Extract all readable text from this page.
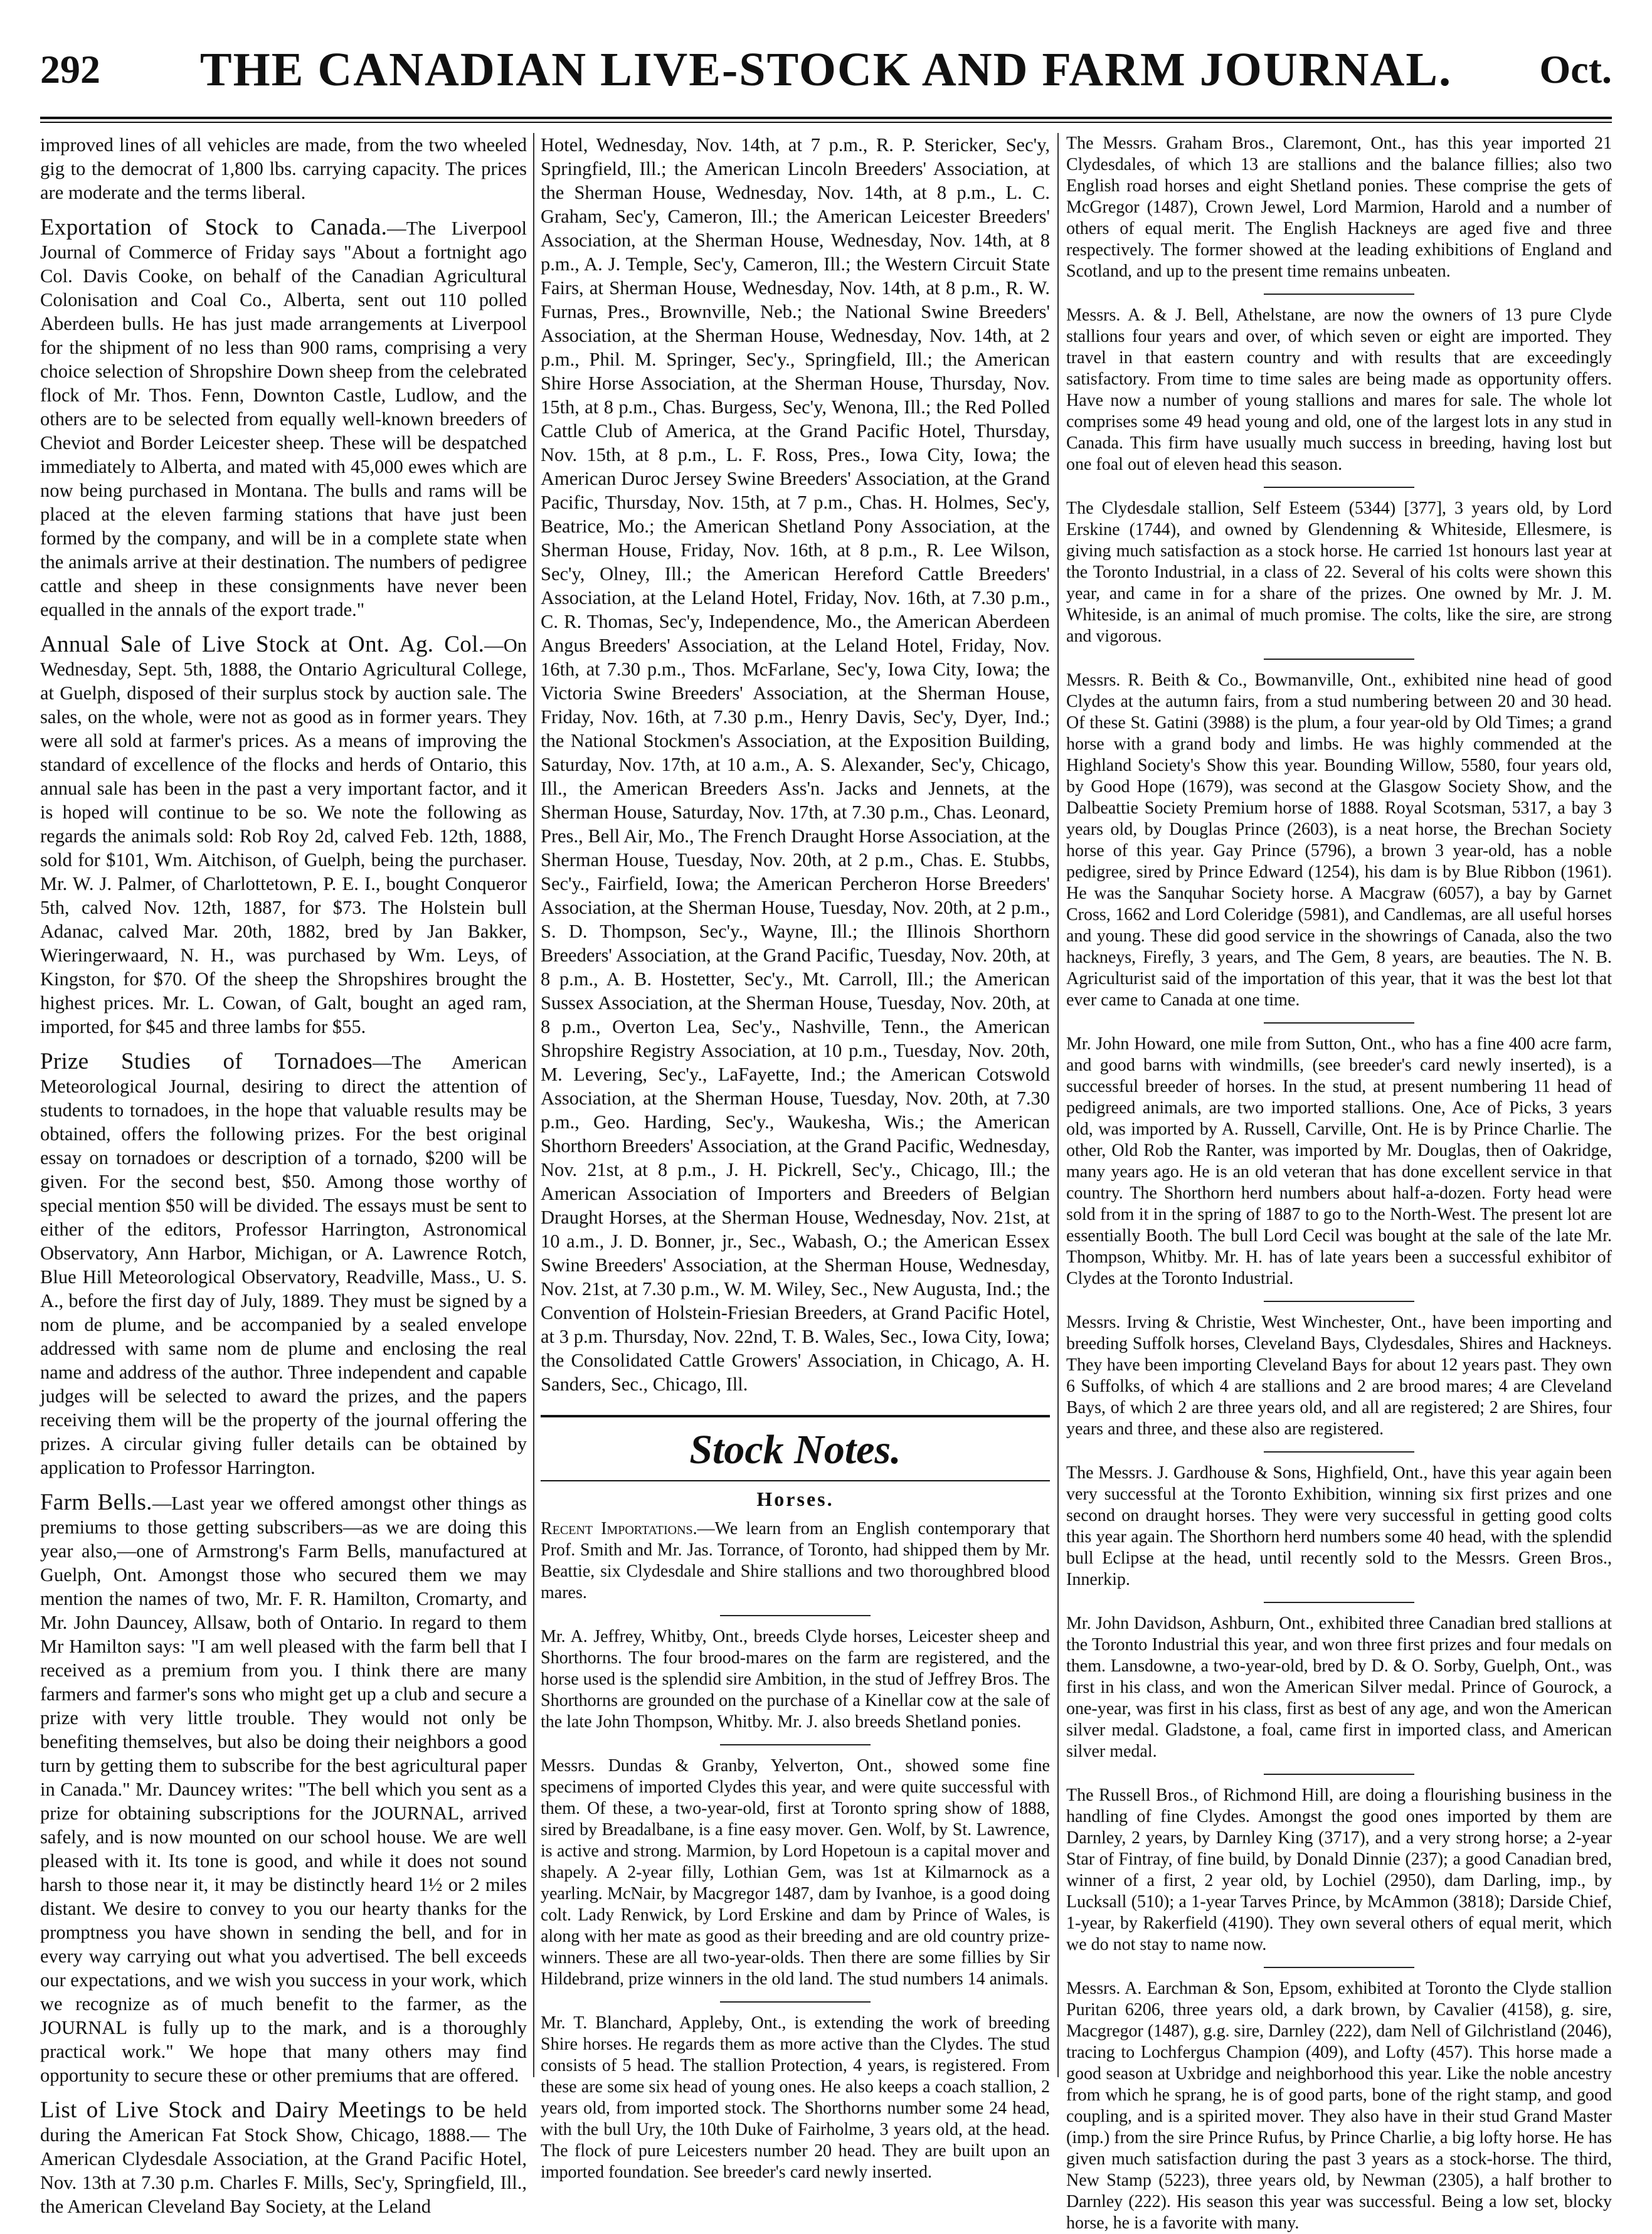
292	THE CANADIAN LIVE-STOCK AND FARM JOURNAL.	Oct.

improved lines of all vehicles are made, from the two wheeled gig to the democrat of 1,800 lbs. carrying capacity. The prices are moderate and the terms liberal.

Exportation of Stock to Canada.—The Liverpool Journal of Commerce of Friday says "About a fortnight ago Col. Davis Cooke, on behalf of the Canadian Agricultural Colonisation and Coal Co., Alberta, sent out 110 polled Aberdeen bulls. He has just made arrangements at Liverpool for the shipment of no less than 900 rams, comprising a very choice selection of Shropshire Down sheep from the celebrated flock of Mr. Thos. Fenn, Downton Castle, Ludlow, and the others are to be selected from equally well-known breeders of Cheviot and Border Leicester sheep. These will be despatched immediately to Alberta, and mated with 45,000 ewes which are now being purchased in Montana. The bulls and rams will be placed at the eleven farming stations that have just been formed by the company, and will be in a complete state when the animals arrive at their destination. The numbers of pedigree cattle and sheep in these consignments have never been equalled in the annals of the export trade."

Annual Sale of Live Stock at Ont. Ag. Col.—On Wednesday, Sept. 5th, 1888, the Ontario Agricultural College, at Guelph, disposed of their surplus stock by auction sale. The sales, on the whole, were not as good as in former years. They were all sold at farmer's prices. As a means of improving the standard of excellence of the flocks and herds of Ontario, this annual sale has been in the past a very important factor, and it is hoped will continue to be so. We note the following as regards the animals sold: Rob Roy 2d, calved Feb. 12th, 1888, sold for $101, Wm. Aitchison, of Guelph, being the purchaser. Mr. W. J. Palmer, of Charlottetown, P. E. I., bought Conqueror 5th, calved Nov. 12th, 1887, for $73. The Holstein bull Adanac, calved Mar. 20th, 1882, bred by Jan Bakker, Wieringerwaard, N. H., was purchased by Wm. Leys, of Kingston, for $70. Of the sheep the Shropshires brought the highest prices. Mr. L. Cowan, of Galt, bought an aged ram, imported, for $45 and three lambs for $55.

Prize Studies of Tornadoes—The American Meteorological Journal, desiring to direct the attention of students to tornadoes, in the hope that valuable results may be obtained, offers the following prizes. For the best original essay on tornadoes or description of a tornado, $200 will be given. For the second best, $50. Among those worthy of special mention $50 will be divided. The essays must be sent to either of the editors, Professor Harrington, Astronomical Observatory, Ann Harbor, Michigan, or A. Lawrence Rotch, Blue Hill Meteorological Observatory, Readville, Mass., U. S. A., before the first day of July, 1889. They must be signed by a nom de plume, and be accompanied by a sealed envelope addressed with same nom de plume and enclosing the real name and address of the author. Three independent and capable judges will be selected to award the prizes, and the papers receiving them will be the property of the journal offering the prizes. A circular giving fuller details can be obtained by application to Professor Harrington.

Farm Bells.—Last year we offered amongst other things as premiums to those getting subscribers—as we are doing this year also,—one of Armstrong's Farm Bells, manufactured at Guelph, Ont. Amongst those who secured them we may mention the names of two, Mr. F. R. Hamilton, Cromarty, and Mr. John Dauncey, Allsaw, both of Ontario. In regard to them Mr Hamilton says: "I am well pleased with the farm bell that I received as a premium from you. I think there are many farmers and farmer's sons who might get up a club and secure a prize with very little trouble. They would not only be benefiting themselves, but also be doing their neighbors a good turn by getting them to subscribe for the best agricultural paper in Canada." Mr. Dauncey writes: "The bell which you sent as a prize for obtaining subscriptions for the JOURNAL, arrived safely, and is now mounted on our school house. We are well pleased with it. Its tone is good, and while it does not sound harsh to those near it, it may be distinctly heard 1½ or 2 miles distant. We desire to convey to you our hearty thanks for the promptness you have shown in sending the bell, and for in every way carrying out what you advertised. The bell exceeds our expectations, and we wish you success in your work, which we recognize as of much benefit to the farmer, as the JOURNAL is fully up to the mark, and is a thoroughly practical work." We hope that many others may find opportunity to secure these or other premiums that are offered.

List of Live Stock and Dairy Meetings to be held during the American Fat Stock Show, Chicago, 1888.— The American Clydesdale Association, at the Grand Pacific Hotel, Nov. 13th at 7.30 p.m. Charles F. Mills, Sec'y, Springfield, Ill., the American Cleveland Bay Society, at the Leland

Hotel, Wednesday, Nov. 14th, at 7 p.m., R. P. Stericker, Sec'y, Springfield, Ill.; the American Lincoln Breeders' Association, at the Sherman House, Wednesday, Nov. 14th, at 8 p.m., L. C. Graham, Sec'y, Cameron, Ill.; the American Leicester Breeders' Association, at the Sherman House, Wednesday, Nov. 14th, at 8 p.m., A. J. Temple, Sec'y, Cameron, Ill.; the Western Circuit State Fairs, at Sherman House, Wednesday, Nov. 14th, at 8 p.m., R. W. Furnas, Pres., Brownville, Neb.; the National Swine Breeders' Association, at the Sherman House, Wednesday, Nov. 14th, at 2 p.m., Phil. M. Springer, Sec'y., Springfield, Ill.; the American Shire Horse Association, at the Sherman House, Thursday, Nov. 15th, at 8 p.m., Chas. Burgess, Sec'y, Wenona, Ill.; the Red Polled Cattle Club of America, at the Grand Pacific Hotel, Thursday, Nov. 15th, at 8 p.m., L. F. Ross, Pres., Iowa City, Iowa; the American Duroc Jersey Swine Breeders' Association, at the Grand Pacific, Thursday, Nov. 15th, at 7 p.m., Chas. H. Holmes, Sec'y, Beatrice, Mo.; the American Shetland Pony Association, at the Sherman House, Friday, Nov. 16th, at 8 p.m., R. Lee Wilson, Sec'y, Olney, Ill.; the American Hereford Cattle Breeders' Association, at the Leland Hotel, Friday, Nov. 16th, at 7.30 p.m., C. R. Thomas, Sec'y, Independence, Mo., the American Aberdeen Angus Breeders' Association, at the Leland Hotel, Friday, Nov. 16th, at 7.30 p.m., Thos. McFarlane, Sec'y, Iowa City, Iowa; the Victoria Swine Breeders' Association, at the Sherman House, Friday, Nov. 16th, at 7.30 p.m., Henry Davis, Sec'y, Dyer, Ind.; the National Stockmen's Association, at the Exposition Building, Saturday, Nov. 17th, at 10 a.m., A. S. Alexander, Sec'y, Chicago, Ill., the American Breeders Ass'n. Jacks and Jennets, at the Sherman House, Saturday, Nov. 17th, at 7.30 p.m., Chas. Leonard, Pres., Bell Air, Mo., The French Draught Horse Association, at the Sherman House, Tuesday, Nov. 20th, at 2 p.m., Chas. E. Stubbs, Sec'y., Fairfield, Iowa; the American Percheron Horse Breeders' Association, at the Sherman House, Tuesday, Nov. 20th, at 2 p.m., S. D. Thompson, Sec'y., Wayne, Ill.; the Illinois Shorthorn Breeders' Association, at the Grand Pacific, Tuesday, Nov. 20th, at 8 p.m., A. B. Hostetter, Sec'y., Mt. Carroll, Ill.; the American Sussex Association, at the Sherman House, Tuesday, Nov. 20th, at 8 p.m., Overton Lea, Sec'y., Nashville, Tenn., the American Shropshire Registry Association, at 10 p.m., Tuesday, Nov. 20th, M. Levering, Sec'y., LaFayette, Ind.; the American Cotswold Association, at the Sherman House, Tuesday, Nov. 20th, at 7.30 p.m., Geo. Harding, Sec'y., Waukesha, Wis.; the American Shorthorn Breeders' Association, at the Grand Pacific, Wednesday, Nov. 21st, at 8 p.m., J. H. Pickrell, Sec'y., Chicago, Ill.; the American Association of Importers and Breeders of Belgian Draught Horses, at the Sherman House, Wednesday, Nov. 21st, at 10 a.m., J. D. Bonner, jr., Sec., Wabash, O.; the American Essex Swine Breeders' Association, at the Sherman House, Wednesday, Nov. 21st, at 7.30 p.m., W. M. Wiley, Sec., New Augusta, Ind.; the Convention of Holstein-Friesian Breeders, at Grand Pacific Hotel, at 3 p.m. Thursday, Nov. 22nd, T. B. Wales, Sec., Iowa City, Iowa; the Consolidated Cattle Growers' Association, in Chicago, A. H. Sanders, Sec., Chicago, Ill.

Stock Notes.
Horses.

Recent Importations.—We learn from an English contemporary that Prof. Smith and Mr. Jas. Torrance, of Toronto, had shipped them by Mr. Beattie, six Clydesdale and Shire stallions and two thoroughbred blood mares.

Mr. A. Jeffrey, Whitby, Ont., breeds Clyde horses, Leicester sheep and Shorthorns. The four brood-mares on the farm are registered, and the horse used is the splendid sire Ambition, in the stud of Jeffrey Bros. The Shorthorns are grounded on the purchase of a Kinellar cow at the sale of the late John Thompson, Whitby. Mr. J. also breeds Shetland ponies.

Messrs. Dundas & Granby, Yelverton, Ont., showed some fine specimens of imported Clydes this year, and were quite successful with them. Of these, a two-year-old, first at Toronto spring show of 1888, sired by Breadalbane, is a fine easy mover. Gen. Wolf, by St. Lawrence, is active and strong. Marmion, by Lord Hopetoun is a capital mover and shapely. A 2-year filly, Lothian Gem, was 1st at Kilmarnock as a yearling. McNair, by Macgregor 1487, dam by Ivanhoe, is a good doing colt. Lady Renwick, by Lord Erskine and dam by Prince of Wales, is along with her mate as good as their breeding and are old country prize-winners. These are all two-year-olds. Then there are some fillies by Sir Hildebrand, prize winners in the old land. The stud numbers 14 animals.

Mr. T. Blanchard, Appleby, Ont., is extending the work of breeding Shire horses. He regards them as more active than the Clydes. The stud consists of 5 head. The stallion Protection, 4 years, is registered. From these are some six head of young ones. He also keeps a coach stallion, 2 years old, from imported stock. The Shorthorns number some 24 head, with the bull Ury, the 10th Duke of Fairholme, 3 years old, at the head. The flock of pure Leicesters number 20 head. They are built upon an imported foundation. See breeder's card newly inserted.

The Messrs. Graham Bros., Claremont, Ont., has this year imported 21 Clydesdales, of which 13 are stallions and the balance fillies; also two English road horses and eight Shetland ponies. These comprise the gets of McGregor (1487), Crown Jewel, Lord Marmion, Harold and a number of others of equal merit. The English Hackneys are aged five and three respectively. The former showed at the leading exhibitions of England and Scotland, and up to the present time remains unbeaten.

Messrs. A. & J. Bell, Athelstane, are now the owners of 13 pure Clyde stallions four years and over, of which seven or eight are imported. They travel in that eastern country and with results that are exceedingly satisfactory. From time to time sales are being made as opportunity offers. Have now a number of young stallions and mares for sale. The whole lot comprises some 49 head young and old, one of the largest lots in any stud in Canada. This firm have usually much success in breeding, having lost but one foal out of eleven head this season.

The Clydesdale stallion, Self Esteem (5344) [377], 3 years old, by Lord Erskine (1744), and owned by Glendenning & Whiteside, Ellesmere, is giving much satisfaction as a stock horse. He carried 1st honours last year at the Toronto Industrial, in a class of 22. Several of his colts were shown this year, and came in for a share of the prizes. One owned by Mr. J. M. Whiteside, is an animal of much promise. The colts, like the sire, are strong and vigorous.

Messrs. R. Beith & Co., Bowmanville, Ont., exhibited nine head of good Clydes at the autumn fairs, from a stud numbering between 20 and 30 head. Of these St. Gatini (3988) is the plum, a four year-old by Old Times; a grand horse with a grand body and limbs. He was highly commended at the Highland Society's Show this year. Bounding Willow, 5580, four years old, by Good Hope (1679), was second at the Glasgow Society Show, and the Dalbeattie Society Premium horse of 1888. Royal Scotsman, 5317, a bay 3 years old, by Douglas Prince (2603), is a neat horse, the Brechan Society horse of this year. Gay Prince (5796), a brown 3 year-old, has a noble pedigree, sired by Prince Edward (1254), his dam is by Blue Ribbon (1961). He was the Sanquhar Society horse. A Macgraw (6057), a bay by Garnet Cross, 1662 and Lord Coleridge (5981), and Candlemas, are all useful horses and young. These did good service in the showrings of Canada, also the two hackneys, Firefly, 3 years, and The Gem, 8 years, are beauties. The N. B. Agriculturist said of the importation of this year, that it was the best lot that ever came to Canada at one time.

Mr. John Howard, one mile from Sutton, Ont., who has a fine 400 acre farm, and good barns with windmills, (see breeder's card newly inserted), is a successful breeder of horses. In the stud, at present numbering 11 head of pedigreed animals, are two imported stallions. One, Ace of Picks, 3 years old, was imported by A. Russell, Carville, Ont. He is by Prince Charlie. The other, Old Rob the Ranter, was imported by Mr. Douglas, then of Oakridge, many years ago. He is an old veteran that has done excellent service in that country. The Shorthorn herd numbers about half-a-dozen. Forty head were sold from it in the spring of 1887 to go to the North-West. The present lot are essentially Booth. The bull Lord Cecil was bought at the sale of the late Mr. Thompson, Whitby. Mr. H. has of late years been a successful exhibitor of Clydes at the Toronto Industrial.

Messrs. Irving & Christie, West Winchester, Ont., have been importing and breeding Suffolk horses, Cleveland Bays, Clydesdales, Shires and Hackneys. They have been importing Cleveland Bays for about 12 years past. They own 6 Suffolks, of which 4 are stallions and 2 are brood mares; 4 are Cleveland Bays, of which 2 are three years old, and all are registered; 2 are Shires, four years and three, and these also are registered.

The Messrs. J. Gardhouse & Sons, Highfield, Ont., have this year again been very successful at the Toronto Exhibition, winning six first prizes and one second on draught horses. They were very successful in getting good colts this year again. The Shorthorn herd numbers some 40 head, with the splendid bull Eclipse at the head, until recently sold to the Messrs. Green Bros., Innerkip.

Mr. John Davidson, Ashburn, Ont., exhibited three Canadian bred stallions at the Toronto Industrial this year, and won three first prizes and four medals on them. Lansdowne, a two-year-old, bred by D. & O. Sorby, Guelph, Ont., was first in his class, and won the American Silver medal. Prince of Gourock, a one-year, was first in his class, first as best of any age, and won the American silver medal. Gladstone, a foal, came first in imported class, and American silver medal.

The Russell Bros., of Richmond Hill, are doing a flourishing business in the handling of fine Clydes. Amongst the good ones imported by them are Darnley, 2 years, by Darnley King (3717), and a very strong horse; a 2-year Star of Fintray, of fine build, by Donald Dinnie (237); a good Canadian bred, winner of a first, 2 year old, by Lochiel (2950), dam Darling, imp., by Lucksall (510); a 1-year Tarves Prince, by McAmmon (3818); Darside Chief, 1-year, by Rakerfield (4190). They own several others of equal merit, which we do not stay to name now.

Messrs. A. Earchman & Son, Epsom, exhibited at Toronto the Clyde stallion Puritan 6206, three years old, a dark brown, by Cavalier (4158), g. sire, Macgregor (1487), g.g. sire, Darnley (222), dam Nell of Gilchristland (2046), tracing to Lochfergus Champion (409), and Lofty (457). This horse made a good season at Uxbridge and neighborhood this year. Like the noble ancestry from which he sprang, he is of good parts, bone of the right stamp, and good coupling, and is a spirited mover. They also have in their stud Grand Master (imp.) from the sire Prince Rufus, by Prince Charlie, a big lofty horse. He has given much satisfaction during the past 3 years as a stock-horse. The third, New Stamp (5223), three years old, by Newman (2305), a half brother to Darnley (222). His season this year was successful. Being a low set, blocky horse, he is a favorite with many.
